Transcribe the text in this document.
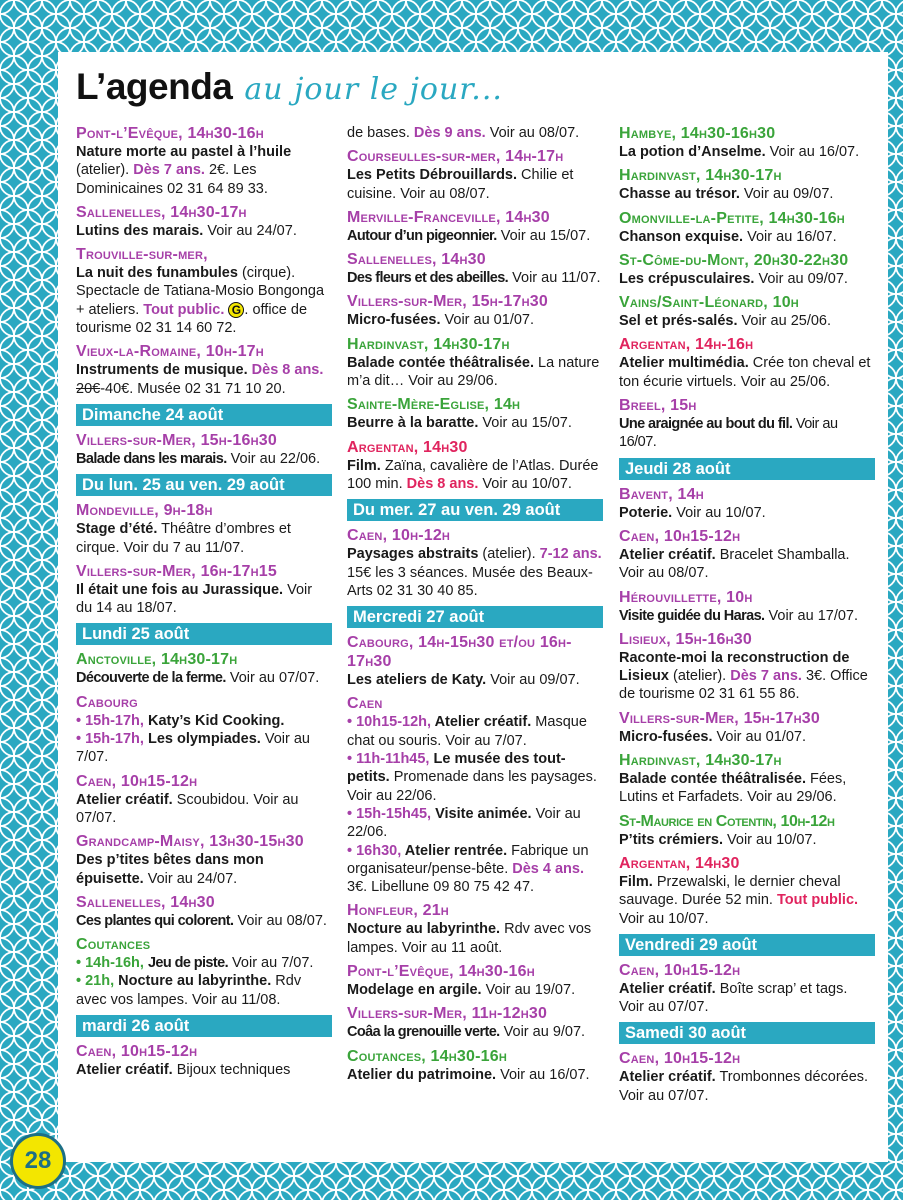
L’agenda au jour le jour...
Pont-l’Evêque, 14h30-16h
Nature morte au pastel à l’huile (atelier). Dès 7 ans. 2€. Les Dominicaines 02 31 64 89 33.
Sallenelles, 14h30-17h
Lutins des marais. Voir au 24/07.
Trouville-sur-mer,
La nuit des funambules (cirque). Spectacle de Tatiana-Mosio Bongonga + ateliers. Tout public. G . office de tourisme 02 31 14 60 72.
Vieux-la-Romaine, 10h-17h
Instruments de musique. Dès 8 ans.
20€-40€. Musée 02 31 71 10 20.
Dimanche 24 août
Villers-sur-Mer, 15h-16h30
Balade dans les marais. Voir au 22/06.
Du lun. 25 au ven. 29 août
Mondeville, 9h-18h
Stage d’été. Théâtre d’ombres et cirque. Voir du 7 au 11/07.
Villers-sur-Mer, 16h-17h15
Il était une fois au Jurassique. Voir du 14 au 18/07.
Lundi 25 août
Anctoville, 14h30-17h
Découverte de la ferme. Voir au 07/07.
Cabourg
• 15h-17h, Katy’s Kid Cooking.
• 15h-17h, Les olympiades. Voir au 7/07.
Caen, 10h15-12h
Atelier créatif. Scoubidou. Voir au 07/07.
Grandcamp-Maisy, 13h30-15h30
Des p’tites bêtes dans mon épuisette. Voir au 24/07.
Sallenelles, 14h30
Ces plantes qui colorent. Voir au 08/07.
Coutances
• 14h-16h, Jeu de piste. Voir au 7/07.
• 21h, Nocture au labyrinthe. Rdv avec vos lampes. Voir au 11/08.
mardi 26 août
Caen, 10h15-12h
Atelier créatif. Bijoux techniques
de bases. Dès 9 ans. Voir au 08/07.
Courseulles-sur-mer, 14h-17h
Les Petits Débrouillards. Chilie et cuisine. Voir au 08/07.
Merville-Franceville, 14h30
Autour d’un pigeonnier. Voir au 15/07.
Sallenelles, 14h30
Des fleurs et des abeilles. Voir au 11/07.
Villers-sur-Mer, 15h-17h30
Micro-fusées. Voir au 01/07.
Hardinvast, 14h30-17h
Balade contée théâtralisée. La nature m’a dit… Voir au 29/06.
Sainte-Mère-Eglise, 14h
Beurre à la baratte. Voir au 15/07.
Argentan, 14h30
Film. Zaïna, cavalière de l’Atlas. Durée 100 min. Dès 8 ans. Voir au 10/07.
Du mer. 27 au ven. 29 août
Caen, 10h-12h
Paysages abstraits (atelier). 7-12 ans. 15€ les 3 séances. Musée des Beaux-Arts 02 31 30 40 85.
Mercredi 27 août
Cabourg, 14h-15h30 et/ou 16h-17h30
Les ateliers de Katy. Voir au 09/07.
Caen
• 10h15-12h, Atelier créatif. Masque chat ou souris. Voir au 7/07.
• 11h-11h45, Le musée des tout-petits. Promenade dans les paysages. Voir au 22/06.
• 15h-15h45, Visite animée. Voir au 22/06.
• 16h30, Atelier rentrée. Fabrique un organisateur/pense-bête. Dès 4 ans. 3€. Libellune 09 80 75 42 47.
Honfleur, 21h
Nocture au labyrinthe. Rdv avec vos lampes. Voir au 11 août.
Pont-l’Evêque, 14h30-16h
Modelage en argile. Voir au 19/07.
Villers-sur-Mer, 11h-12h30
Coâa la grenouille verte. Voir au 9/07.
Coutances, 14h30-16h
Atelier du patrimoine. Voir au 16/07.
Hambye, 14h30-16h30
La potion d’Anselme. Voir au 16/07.
Hardinvast, 14h30-17h
Chasse au trésor. Voir au 09/07.
Omonville-la-Petite, 14h30-16h
Chanson exquise. Voir au 16/07.
St-Côme-du-Mont, 20h30-22h30
Les crépusculaires. Voir au 09/07.
Vains/Saint-Léonard, 10h
Sel et prés-salés. Voir au 25/06.
Argentan, 14h-16h
Atelier multimédia. Crée ton cheval et ton écurie virtuels. Voir au 25/06.
Breel, 15h
Une araignée au bout du fil. Voir au 16/07.
Jeudi 28 août
Bavent, 14h
Poterie. Voir au 10/07.
Caen, 10h15-12h
Atelier créatif. Bracelet Shamballa. Voir au 08/07.
Hérouvillette, 10h
Visite guidée du Haras. Voir au 17/07.
Lisieux, 15h-16h30
Raconte-moi la reconstruction de Lisieux (atelier). Dès 7 ans. 3€. Office de tourisme 02 31 61 55 86.
Villers-sur-Mer, 15h-17h30
Micro-fusées. Voir au 01/07.
Hardinvast, 14h30-17h
Balade contée théâtralisée. Fées, Lutins et Farfadets. Voir au 29/06.
St-Maurice en Cotentin, 10h-12h
P’tits crémiers. Voir au 10/07.
Argentan, 14h30
Film. Przewalski, le dernier cheval sauvage. Durée 52 min. Tout public. Voir au 10/07.
Vendredi 29 août
Caen, 10h15-12h
Atelier créatif. Boîte scrap’ et tags. Voir au 07/07.
Samedi 30 août
Caen, 10h15-12h
Atelier créatif. Trombonnes décorées. Voir au 07/07.
28
